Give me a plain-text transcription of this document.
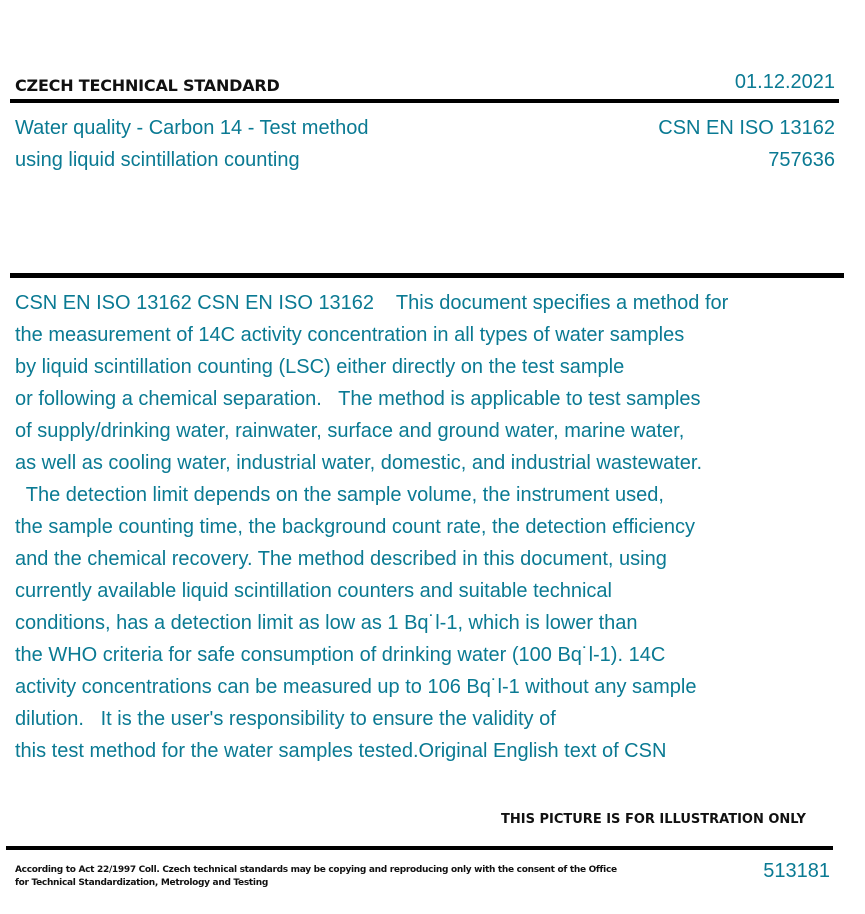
CZECH TECHNICAL STANDARD	01.12.2021
Water quality - Carbon 14 - Test method
using liquid scintillation counting
CSN EN ISO 13162
757636
CSN EN ISO 13162 CSN EN ISO 13162    This document specifies a method for
the measurement of 14C activity concentration in all types of water samples
by liquid scintillation counting (LSC) either directly on the test sample
or following a chemical separation.   The method is applicable to test samples
of supply/drinking water, rainwater, surface and ground water, marine water,
as well as cooling water, industrial water, domestic, and industrial wastewater.
The detection limit depends on the sample volume, the instrument used,
the sample counting time, the background count rate, the detection efficiency
and the chemical recovery. The method described in this document, using
currently available liquid scintillation counters and suitable technical
conditions, has a detection limit as low as 1 Bq˙l-1, which is lower than
the WHO criteria for safe consumption of drinking water (100 Bq˙l-1). 14C
activity concentrations can be measured up to 106 Bq˙l-1 without any sample
dilution.   It is the user's responsibility to ensure the validity of
this test method for the water samples tested.Original English text of CSN
THIS PICTURE IS FOR ILLUSTRATION ONLY
According to Act 22/1997 Coll. Czech technical standards may be copying and reproducing only with the consent of the Office
for Technical Standardization, Metrology and Testing
513181
